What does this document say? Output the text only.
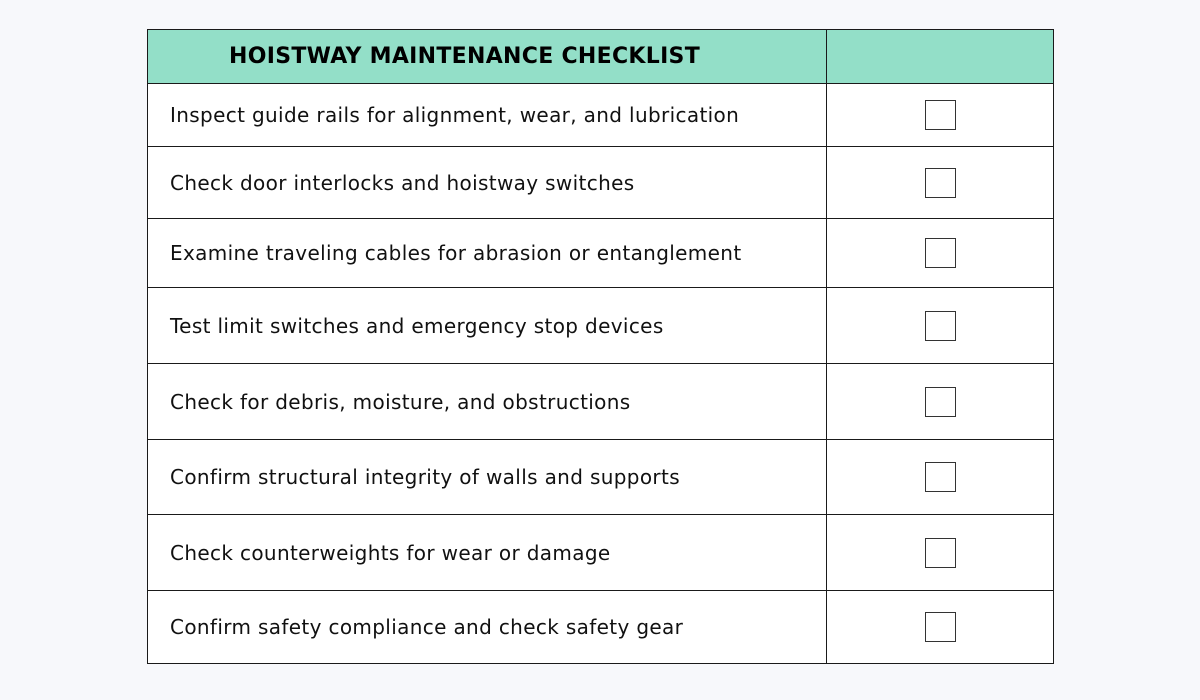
HOISTWAY MAINTENANCE CHECKLIST	
Inspect guide rails for alignment, wear, and lubrication	
Check door interlocks and hoistway switches	
Examine traveling cables for abrasion or entanglement	
Test limit switches and emergency stop devices	
Check for debris, moisture, and obstructions	
Confirm structural integrity of walls and supports	
Check counterweights for wear or damage	
Confirm safety compliance and check safety gear	
